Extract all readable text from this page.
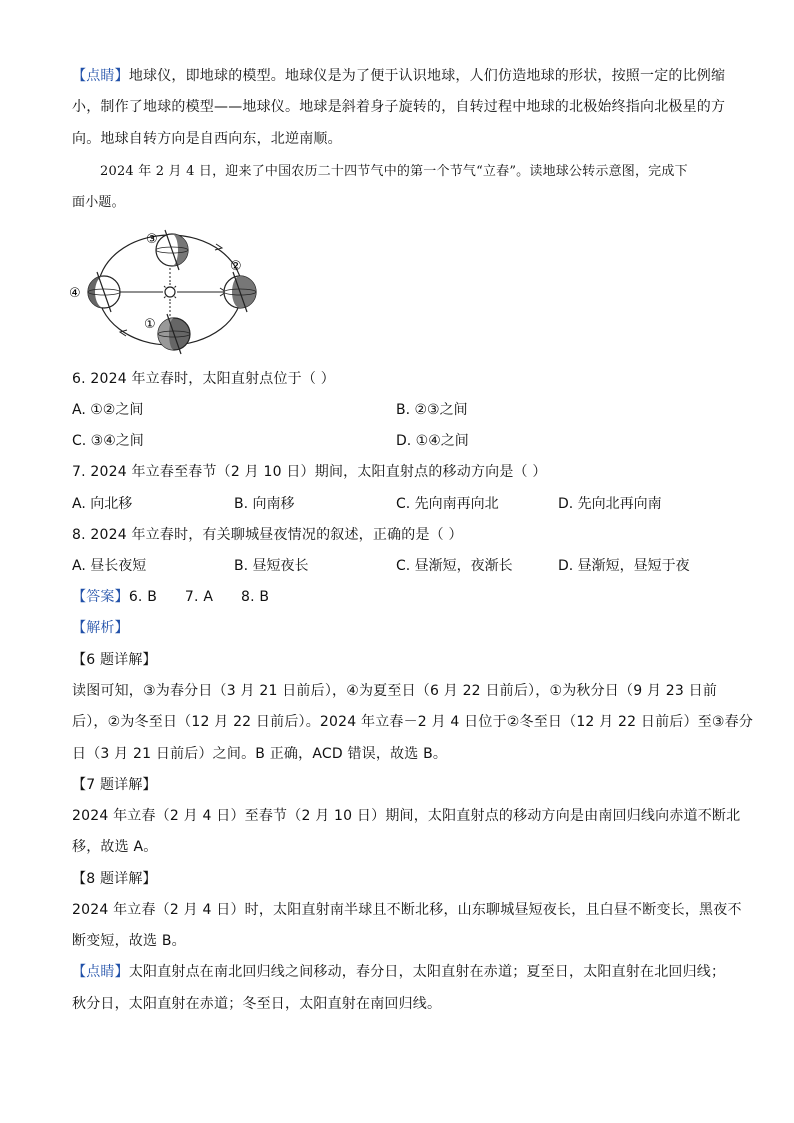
【点睛】地球仪，即地球的模型。地球仪是为了便于认识地球，人们仿造地球的形状，按照一定的比例缩
小，制作了地球的模型——地球仪。地球是斜着身子旋转的，自转过程中地球的北极始终指向北极星的方
向。地球自转方向是自西向东，北逆南顺。
2024 年 2 月 4 日，迎来了中国农历二十四节气中的第一个节气“立春”。读地球公转示意图，完成下
面小题。
③
②
①
④
6. 2024 年立春时，太阳直射点位于（ ）
A. ①②之间	B. ②③之间
C. ③④之间	D. ①④之间
7. 2024 年立春至春节（2 月 10 日）期间，太阳直射点的移动方向是（ ）
A. 向北移	B. 向南移	C. 先向南再向北	D. 先向北再向南
8. 2024 年立春时，有关聊城昼夜情况的叙述，正确的是（ ）
A. 昼长夜短	B. 昼短夜长	C. 昼渐短，夜渐长	D. 昼渐短，昼短于夜
【答案】6. B      7. A      8. B
【解析】
【6 题详解】
读图可知，③为春分日（3 月 21 日前后），④为夏至日（6 月 22 日前后），①为秋分日（9 月 23 日前
后），②为冬至日（12 月 22 日前后）。2024 年立春－2 月 4 日位于②冬至日（12 月 22 日前后）至③春分
日（3 月 21 日前后）之间。B 正确，ACD 错误，故选 B。
【7 题详解】
2024 年立春（2 月 4 日）至春节（2 月 10 日）期间，太阳直射点的移动方向是由南回归线向赤道不断北
移，故选 A。
【8 题详解】
2024 年立春（2 月 4 日）时，太阳直射南半球且不断北移，山东聊城昼短夜长，且白昼不断变长，黑夜不
断变短，故选 B。
【点睛】太阳直射点在南北回归线之间移动，春分日，太阳直射在赤道；夏至日，太阳直射在北回归线；
秋分日，太阳直射在赤道；冬至日，太阳直射在南回归线。
